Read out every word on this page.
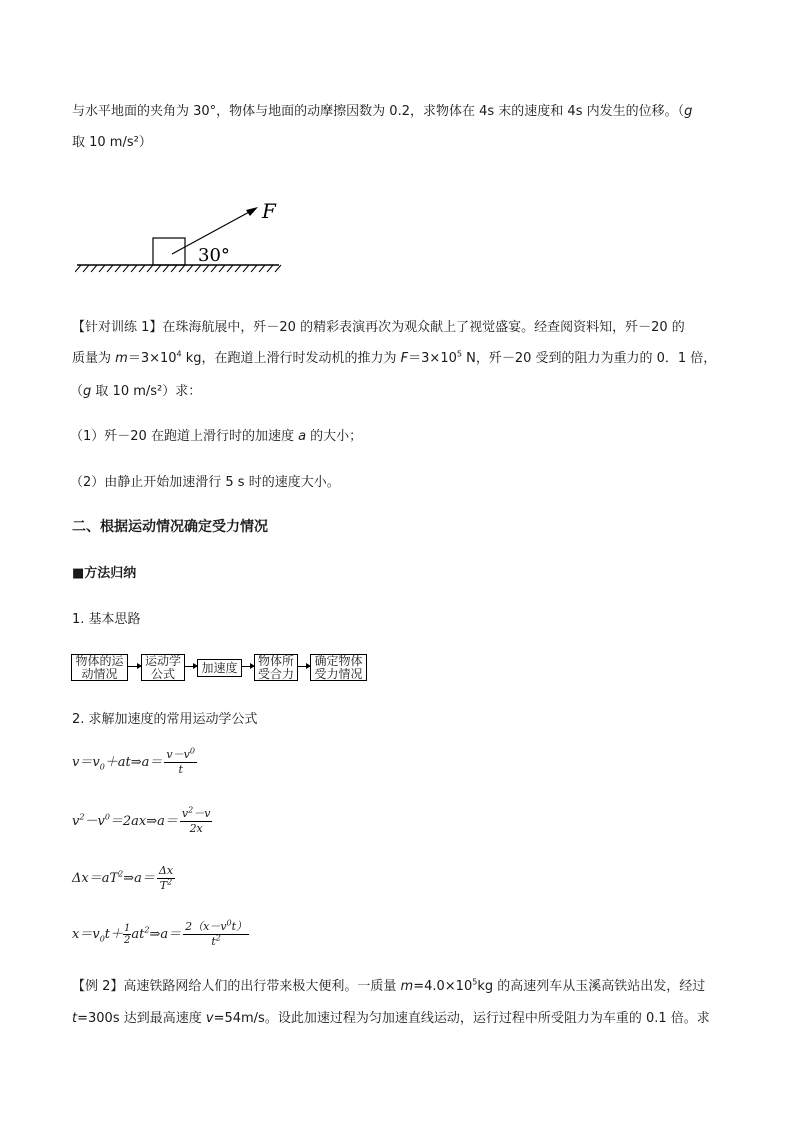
与水平地面的夹角为 30°，物体与地面的动摩擦因数为 0.2，求物体在 4s 末的速度和 4s 内发生的位移。（g
取 10 m/s²）
F
30°
【针对训练 1】在珠海航展中，歼－20 的精彩表演再次为观众献上了视觉盛宴。经查阅资料知，歼－20 的
质量为 $m=3\times 10^4$ kg，在跑道上滑行时发动机的推力为 $F=3\times 10^5$ N，歼－20 受到的阻力为重力的 0．1 倍，
（g 取 10 m/s²）求：
（1）歼－20 在跑道上滑行时的加速度 a 的大小；
（2）由静止开始加速滑行 5 s 时的速度大小。
二、根据运动情况确定受力情况
■方法归纳
1. 基本思路
物体的运
动情况
运动学
公式	加速度	物体所
受合力
确定物体
受力情况
2. 求解加速度的常用运动学公式
$v=v_0+at\Rightarrow a= \frac{v-v^0}{t}$
$v^2-v^0=2ax\Rightarrow a= \frac{v^2-v}{2x}$
$\Delta x=aT^2\Rightarrow a= \frac{\Delta x}{T^2}$
$x=v_0t+ \frac{1}{2}$ $at^2\Rightarrow a= \frac{2(x-v^0t)}{t^2}$
【例 2】高速铁路网给人们的出行带来极大便利。一质量 $m=4.0\times 10^5kg$ 的高速列车从玉溪高铁站出发，经过
t=300s 达到最高速度 v=54m/s。设此加速过程为匀加速直线运动，运行过程中所受阻力为车重的 0.1 倍。求
